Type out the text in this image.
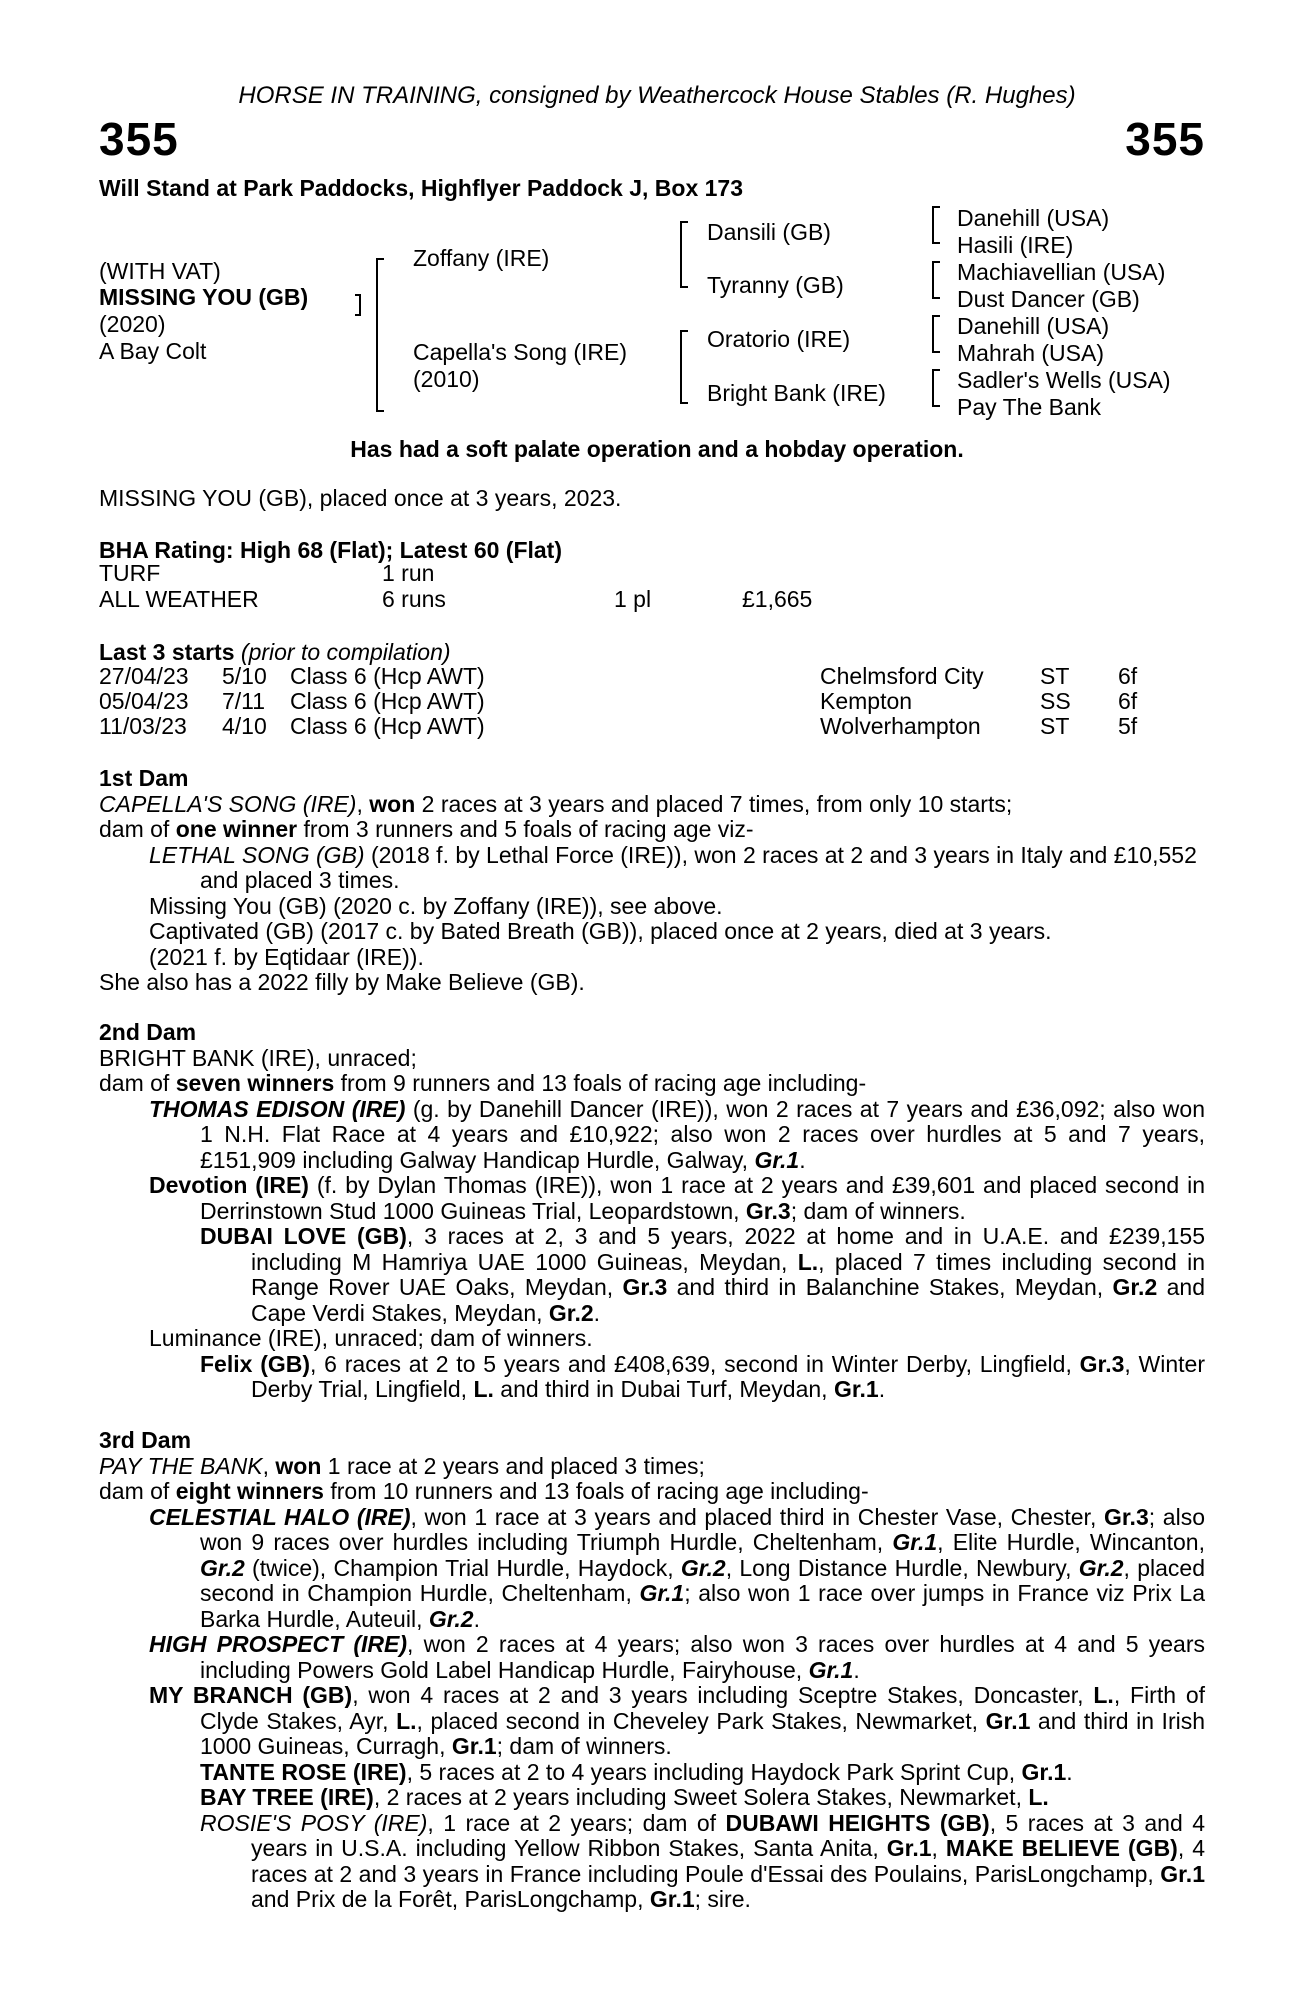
HORSE IN TRAINING, consigned by Weathercock House Stables (R. Hughes)
355	355
Will Stand at Park Paddocks, Highflyer Paddock J, Box 173
(WITH VAT)
MISSING YOU (GB)
(2020)
A Bay Colt
Zoffany (IRE)
Capella's Song (IRE)
(2010)
Dansili (GB)
Tyranny (GB)
Oratorio (IRE)
Bright Bank (IRE)
Danehill (USA)
Hasili (IRE)
Machiavellian (USA)
Dust Dancer (GB)
Danehill (USA)
Mahrah (USA)
Sadler's Wells (USA)
Pay The Bank
Has had a soft palate operation and a hobday operation.
MISSING YOU (GB), placed once at 3 years, 2023.
BHA Rating: High 68 (Flat); Latest 60 (Flat)
TURF	1 run
ALL WEATHER	6 runs	1 pl	£1,665
Last 3 starts (prior to compilation)
27/04/23 5/10 Class 6 (Hcp AWT)	Chelmsford City ST 6f
05/04/23 7/11 Class 6 (Hcp AWT)	Kempton	SS 6f
11/03/23 4/10 Class 6 (Hcp AWT)	Wolverhampton	ST 5f

1st Dam

CAPELLA'S SONG (IRE), won 2 races at 3 years and placed 7 times, from only 10 starts;

dam of one winner from 3 runners and 5 foals of racing age viz-

LETHAL SONG (GB) (2018 f. by Lethal Force (IRE)), won 2 races at 2 and 3 years in Italy and £10,552 and placed 3 times.

Missing You (GB) (2020 c. by Zoffany (IRE)), see above.

Captivated (GB) (2017 c. by Bated Breath (GB)), placed once at 2 years, died at 3 years.

(2021 f. by Eqtidaar (IRE)).

She also has a 2022 filly by Make Believe (GB).

2nd Dam

BRIGHT BANK (IRE), unraced;

dam of seven winners from 9 runners and 13 foals of racing age including-

THOMAS EDISON (IRE) (g. by Danehill Dancer (IRE)), won 2 races at 7 years and £36,092; also won 1 N.H. Flat Race at 4 years and £10,922; also won 2 races over hurdles at 5 and 7 years, £151,909 including Galway Handicap Hurdle, Galway, Gr.1.

Devotion (IRE) (f. by Dylan Thomas (IRE)), won 1 race at 2 years and £39,601 and placed second in Derrinstown Stud 1000 Guineas Trial, Leopardstown, Gr.3; dam of winners.

DUBAI LOVE (GB), 3 races at 2, 3 and 5 years, 2022 at home and in U.A.E. and £239,155 including M Hamriya UAE 1000 Guineas, Meydan, L., placed 7 times including second in Range Rover UAE Oaks, Meydan, Gr.3 and third in Balanchine Stakes, Meydan, Gr.2 and Cape Verdi Stakes, Meydan, Gr.2.

Luminance (IRE), unraced; dam of winners.

Felix (GB), 6 races at 2 to 5 years and £408,639, second in Winter Derby, Lingfield, Gr.3, Winter Derby Trial, Lingfield, L. and third in Dubai Turf, Meydan, Gr.1.

3rd Dam

PAY THE BANK, won 1 race at 2 years and placed 3 times;

dam of eight winners from 10 runners and 13 foals of racing age including-

CELESTIAL HALO (IRE), won 1 race at 3 years and placed third in Chester Vase, Chester, Gr.3; also won 9 races over hurdles including Triumph Hurdle, Cheltenham, Gr.1, Elite Hurdle, Wincanton, Gr.2 (twice), Champion Trial Hurdle, Haydock, Gr.2, Long Distance Hurdle, Newbury, Gr.2, placed second in Champion Hurdle, Cheltenham, Gr.1; also won 1 race over jumps in France viz Prix La Barka Hurdle, Auteuil, Gr.2.

HIGH PROSPECT (IRE), won 2 races at 4 years; also won 3 races over hurdles at 4 and 5 years including Powers Gold Label Handicap Hurdle, Fairyhouse, Gr.1.

MY BRANCH (GB), won 4 races at 2 and 3 years including Sceptre Stakes, Doncaster, L., Firth of Clyde Stakes, Ayr, L., placed second in Cheveley Park Stakes, Newmarket, Gr.1 and third in Irish 1000 Guineas, Curragh, Gr.1; dam of winners.

TANTE ROSE (IRE), 5 races at 2 to 4 years including Haydock Park Sprint Cup, Gr.1.

BAY TREE (IRE), 2 races at 2 years including Sweet Solera Stakes, Newmarket, L.

ROSIE'S POSY (IRE), 1 race at 2 years; dam of DUBAWI HEIGHTS (GB), 5 races at 3 and 4 years in U.S.A. including Yellow Ribbon Stakes, Santa Anita, Gr.1, MAKE BELIEVE (GB), 4 races at 2 and 3 years in France including Poule d'Essai des Poulains, ParisLongchamp, Gr.1 and Prix de la Forêt, ParisLongchamp, Gr.1; sire.
